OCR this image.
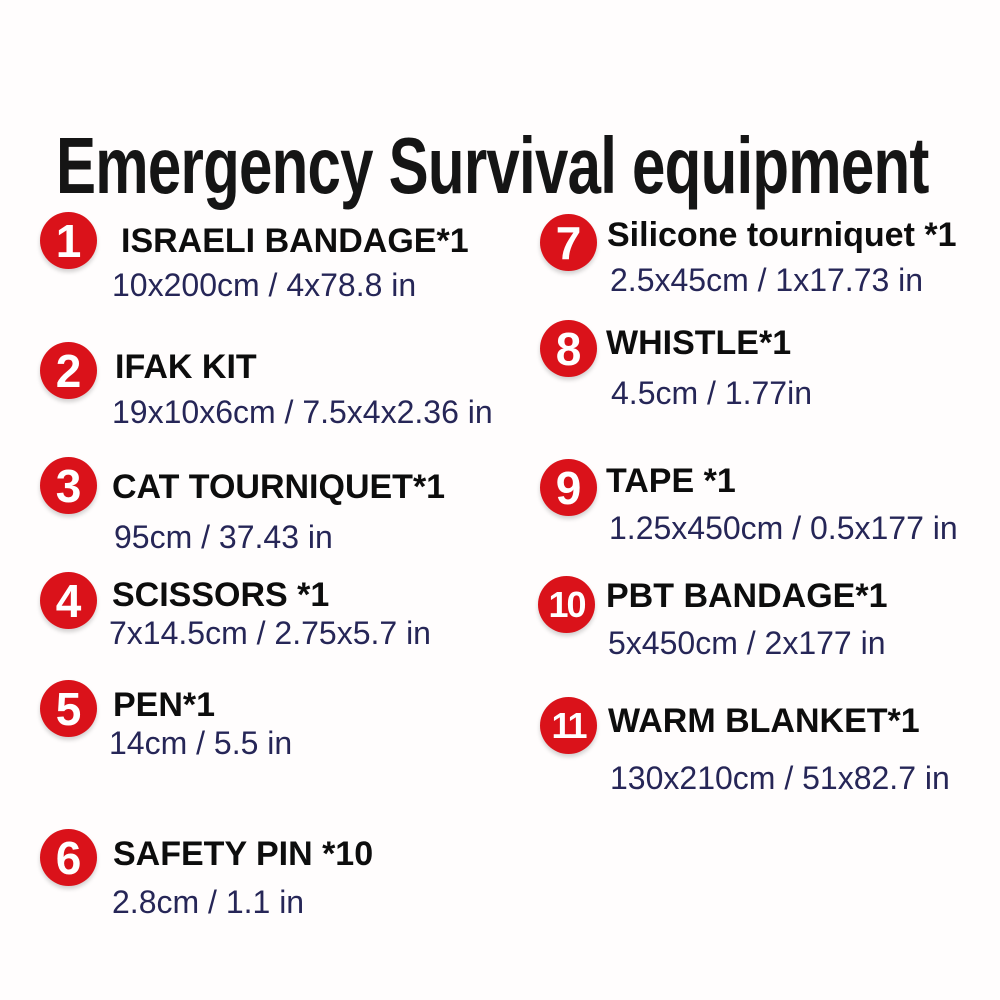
Emergency Survival equipment
1	ISRAELI BANDAGE*1
10x200cm / 4x78.8 in
2 IFAK KIT
19x10x6cm / 7.5x4x2.36 in
3 CAT TOURNIQUET*1
95cm / 37.43 in
4 SCISSORS *1
7x14.5cm / 2.75x5.7 in
5 PEN*1
14cm / 5.5 in
6 SAFETY PIN *10
2.8cm / 1.1 in
7 Silicone tourniquet *1
2.5x45cm / 1x17.73 in
8 WHISTLE*1
4.5cm / 1.77in
9 TAPE *1
1.25x450cm / 0.5x177 in
10 PBT BANDAGE*1
5x450cm / 2x177 in
11 WARM BLANKET*1
130x210cm / 51x82.7 in
